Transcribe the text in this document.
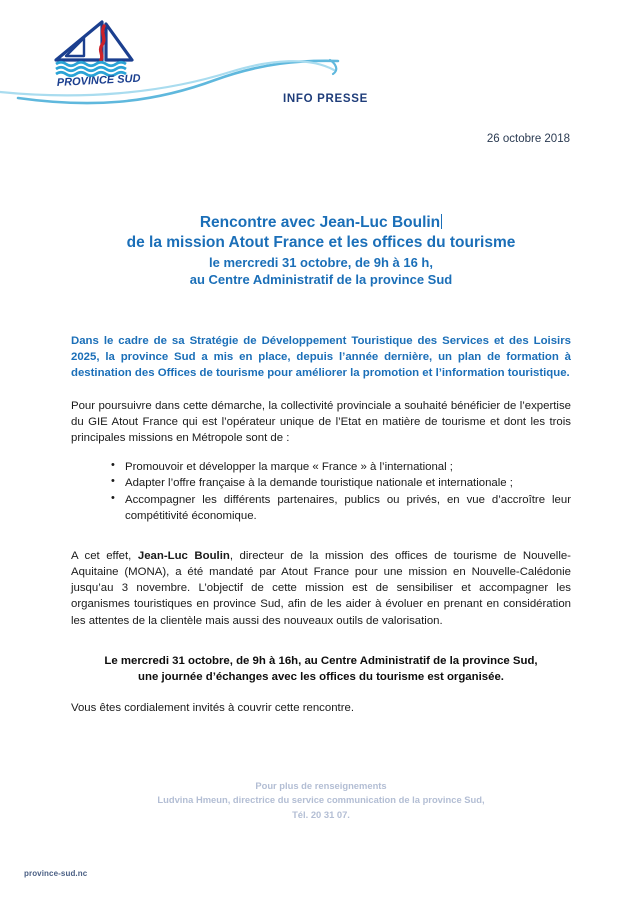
PROVINCE SUD
INFO PRESSE
26 octobre 2018
Rencontre avec Jean-Luc Boulin
de la mission Atout France et les offices du tourisme
le mercredi 31 octobre, de 9h à 16 h,
au Centre Administratif de la province Sud

Dans le cadre de sa Stratégie de Développement Touristique des Services et des Loisirs 2025, la province Sud a mis en place, depuis l’année dernière, un plan de formation à destination des Offices de tourisme pour améliorer la promotion et l’information touristique.

Pour poursuivre dans cette démarche, la collectivité provinciale a souhaité bénéficier de l’expertise du GIE Atout France qui est l’opérateur unique de l’Etat en matière de tourisme et dont les trois principales missions en Métropole sont de :

• Promouvoir et développer la marque « France » à l’international ;
• Adapter l’offre française à la demande touristique nationale et internationale ;
• Accompagner les différents partenaires, publics ou privés, en vue d’accroître leur compétitivité économique.

A cet effet, Jean-Luc Boulin, directeur de la mission des offices de tourisme de Nouvelle-Aquitaine (MONA), a été mandaté par Atout France pour une mission en Nouvelle-Calédonie jusqu’au 3 novembre. L’objectif de cette mission est de sensibiliser et accompagner les organismes touristiques en province Sud, afin de les aider à évoluer en prenant en considération les attentes de la clientèle mais aussi des nouveaux outils de valorisation.

Le mercredi 31 octobre, de 9h à 16h, au Centre Administratif de la province Sud,
une journée d’échanges avec les offices du tourisme est organisée.

Vous êtes cordialement invités à couvrir cette rencontre.

Pour plus de renseignements
Ludvina Hmeun, directrice du service communication de la province Sud,
Tél. 20 31 07.
province-sud.nc
